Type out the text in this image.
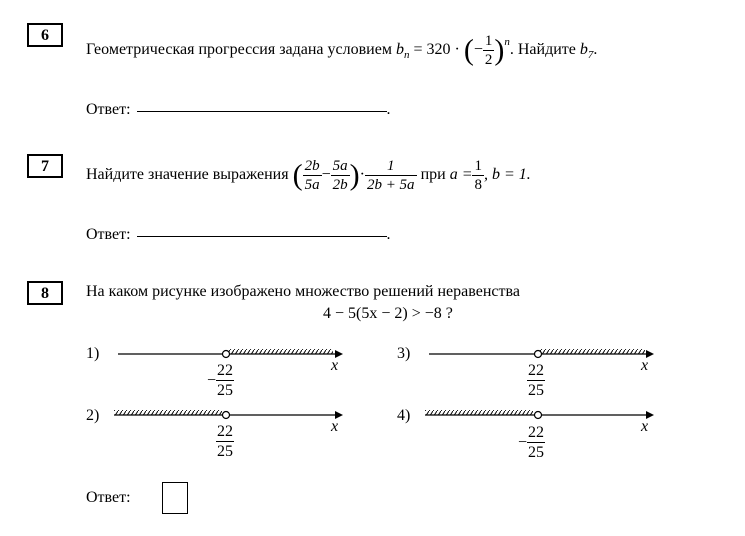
6
Геометрическая прогрессия задана условием $b_n = 320$ · (− $\frac{1}{2} )^n$. Найдите $b_7$.
Ответ:	.
7	Найдите значение выражения ( $\frac{2b}{5a} - \frac{5a}{2b}$ )· $\frac{1}{2b + 5a}$ при $a = \frac{1}{8}$ , b = 1.
Ответ:	.
8	На каком рисунке изображено множество решений неравенства
4 − 5(5x − 2) > −8 ?
1)
x
− $\frac{22}{25}$
3)
x
$\frac{22}{25}$
2)
x
$\frac{22}{25}$
4)
x
− $\frac{22}{25}$
Ответ:
